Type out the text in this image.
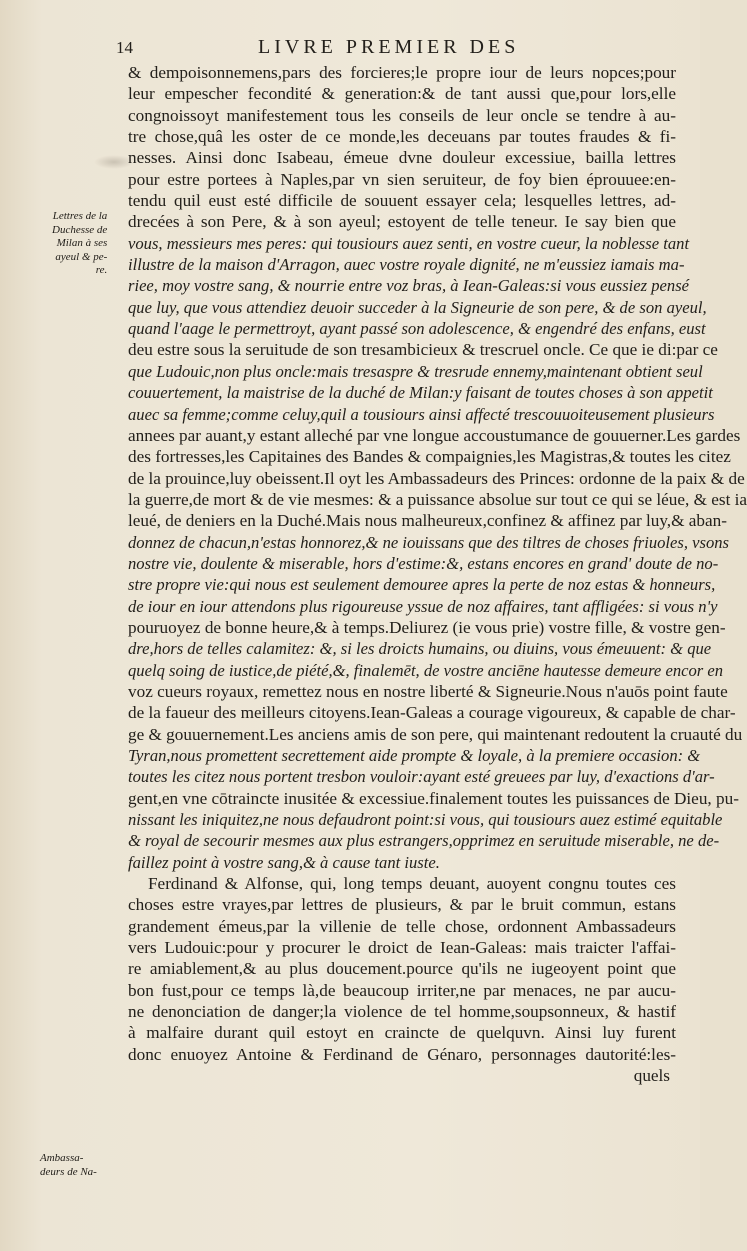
14	LIVRE PREMIER DES
& dempoisonnemens,pars des forcieres;le propre iour de leurs nopces;pour
leur empescher fecondité & generation:& de tant aussi que,pour lors,elle
congnoissoyt manifestement tous les conseils de leur oncle se tendre à au-
tre chose,quâ les oster de ce monde,les deceuans par toutes fraudes & fi-
nesses. Ainsi donc Isabeau, émeue dvne douleur excessiue, bailla lettres
pour estre portees à Naples,par vn sien seruiteur, de foy bien éprouuee:en-
tendu quil eust esté difficile de souuent essayer cela; lesquelles lettres, ad-
drecées à son Pere, & à son ayeul; estoyent de telle teneur. Ie say bien que
vous, messieurs mes peres: qui tousiours auez senti, en vostre cueur, la noblesse tant
illustre de la maison d'Arragon, auec vostre royale dignité, ne m'eussiez iamais ma-
riee, moy vostre sang, & nourrie entre voz bras, à Iean-Galeas:si vous eussiez pensé
que luy, que vous attendiez deuoir succeder à la Signeurie de son pere, & de son ayeul,
quand l'aage le permettroyt, ayant passé son adolescence, & engendré des enfans, eust
deu estre sous la seruitude de son tresambicieux & trescruel oncle. Ce que ie di:par ce
que Ludouic,non plus oncle:mais tresaspre & tresrude ennemy,maintenant obtient seul
couuertement, la maistrise de la duché de Milan:y faisant de toutes choses à son appetit
auec sa femme;comme celuy,quil a tousiours ainsi affecté trescouuoiteusement plusieurs
annees par auant,y estant alleché par vne longue accoustumance de gouuerner.Les gardes
des fortresses,les Capitaines des Bandes & compaignies,les Magistras,& toutes les citez
de la prouince,luy obeissent.Il oyt les Ambassadeurs des Princes: ordonne de la paix & de
la guerre,de mort & de vie mesmes: & a puissance absolue sur tout ce qui se léue, & est ia
leué, de deniers en la Duché.Mais nous malheureux,confinez & affinez par luy,& aban-
donnez de chacun,n'estas honnorez,& ne iouissans que des tiltres de choses friuoles, vsons
nostre vie, doulente & miserable, hors d'estime:&, estans encores en grand' doute de no-
stre propre vie:qui nous est seulement demouree apres la perte de noz estas & honneurs,
de iour en iour attendons plus rigoureuse yssue de noz affaires, tant affligées: si vous n'y
pouruoyez de bonne heure,& à temps.Deliurez (ie vous prie) vostre fille, & vostre gen-
dre,hors de telles calamitez: &, si les droicts humains, ou diuins, vous émeuuent: & que
quelq soing de iustice,de piété,&, finalemēt, de vostre anciēne hautesse demeure encor en
voz cueurs royaux, remettez nous en nostre liberté & Signeurie.Nous n'auōs point faute
de la faueur des meilleurs citoyens.Iean-Galeas a courage vigoureux, & capable de char-
ge & gouuernement.Les anciens amis de son pere, qui maintenant redoutent la cruauté du
Tyran,nous promettent secrettement aide prompte & loyale, à la premiere occasion: &
toutes les citez nous portent tresbon vouloir:ayant esté greuees par luy, d'exactions d'ar-
gent,en vne cōtraincte inusitée & excessiue.finalement toutes les puissances de Dieu, pu-
nissant les iniquitez,ne nous defaudront point:si vous, qui tousiours auez estimé equitable
& royal de secourir mesmes aux plus estrangers,opprimez en seruitude miserable, ne de-
faillez point à vostre sang,& à cause tant iuste.
Ferdinand & Alfonse, qui, long temps deuant, auoyent congnu toutes ces
choses estre vrayes,par lettres de plusieurs, & par le bruit commun, estans
grandement émeus,par la villenie de telle chose, ordonnent Ambassadeurs
vers Ludouic:pour y procurer le droict de Iean-Galeas: mais traicter l'affai-
re amiablement,& au plus doucement.pource qu'ils ne iugeoyent point que
bon fust,pour ce temps là,de beaucoup irriter,ne par menaces, ne par aucu-
ne denonciation de danger;la violence de tel homme,soupsonneux, & hastif
à malfaire durant quil estoyt en craincte de quelquvn. Ainsi luy furent
donc enuoyez Antoine & Ferdinand de Génaro, personnages dautorité:les-
quels
Lettres de la
Duchesse de
Milan à ses
ayeul & pe-
re.
Ambassa-
deurs de Na-
